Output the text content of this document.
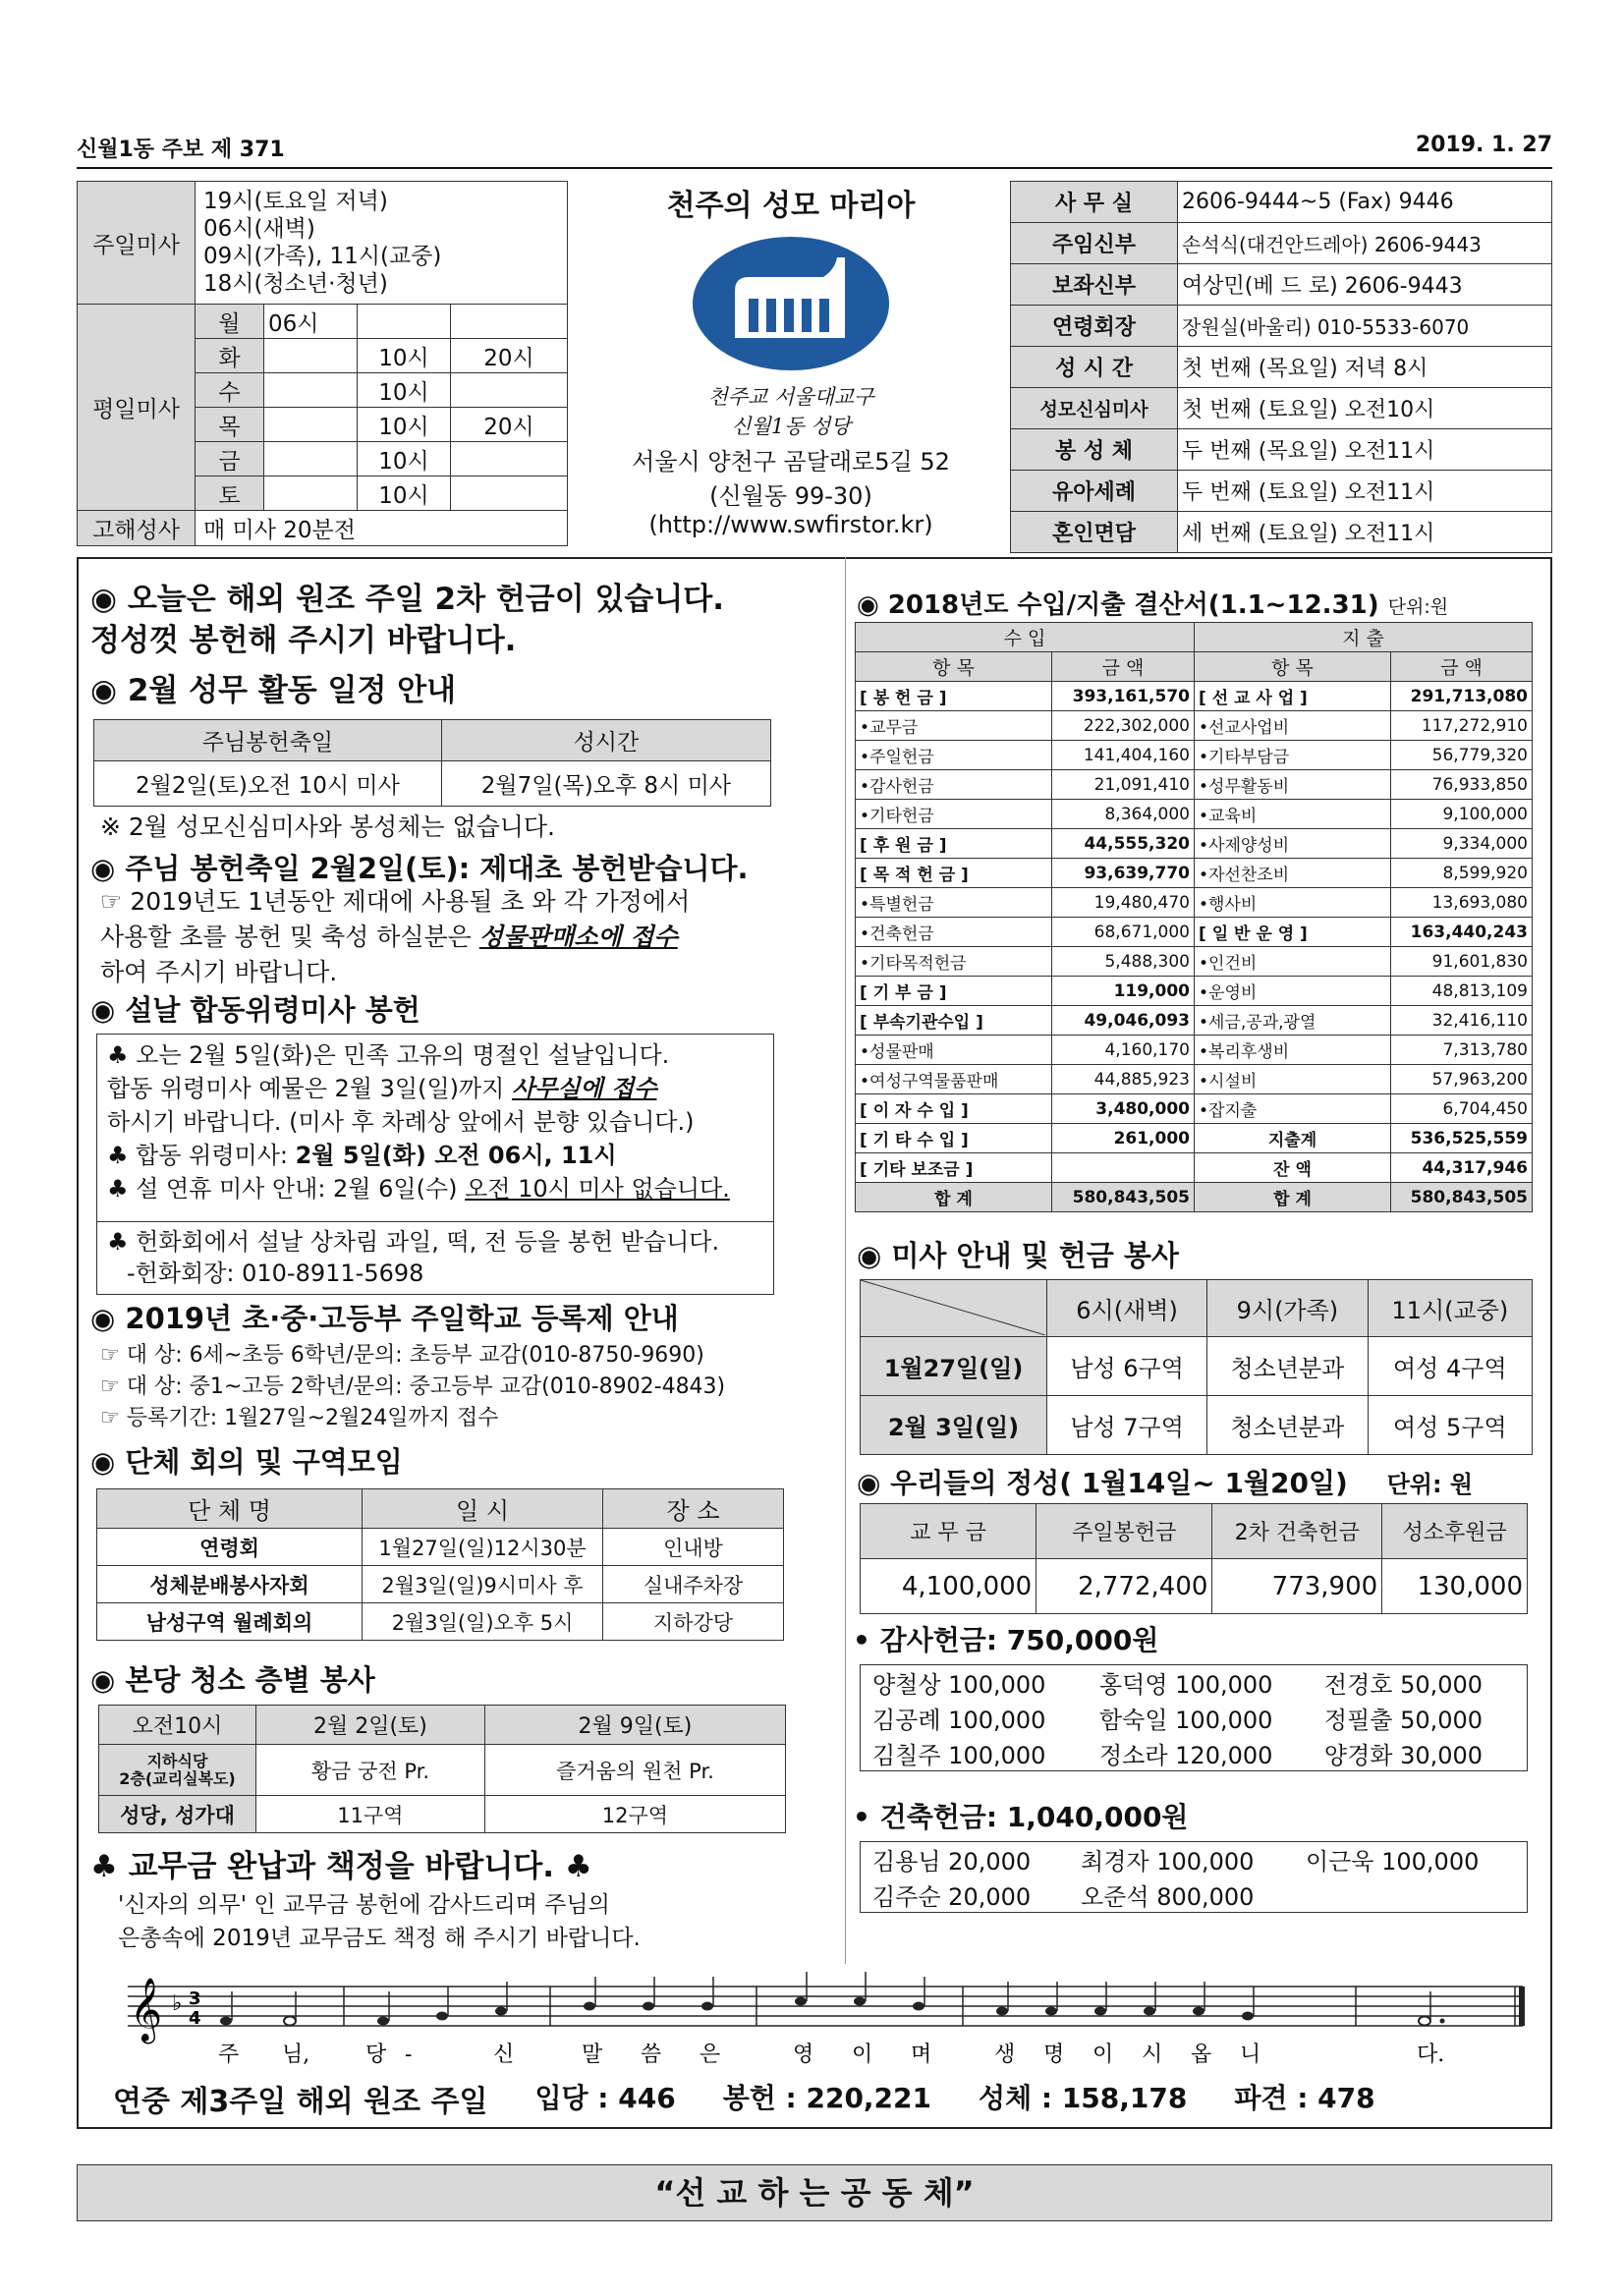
신월1동 주보 제 371	2019. 1. 27
주일미사	19시(토요일 저녁)
06시(새벽)
09시(가족), 11시(교중)
18시(청소년·청년)			

평일미사	월	06시		
	화		10시	20시
	수		10시	
	목		10시	20시
	금		10시	
	토		10시	
고해성사	매 미사 20분전			
천주의 성모 마리아
천주교 서울대교구
신월1동 성당
서울시 양천구 곰달래로5길 52
(신월동 99-30)
(http://www.swfirstor.kr)
사 무 실	2606-9444~5 (Fax) 9446
주임신부	손석식(대건안드레아) 2606-9443
보좌신부	여상민(베 드 로) 2606-9443
연령회장	장원실(바울리) 010-5533-6070
성 시 간	첫 번째 (목요일) 저녁 8시
성모신심미사	첫 번째 (토요일) 오전10시
봉 성 체	두 번째 (목요일) 오전11시
유아세례	두 번째 (토요일) 오전11시
혼인면담	세 번째 (토요일) 오전11시
◉ 오늘은 해외 원조 주일 2차 헌금이 있습니다.
정성껏 봉헌해 주시기 바랍니다.
◉ 2월 성무 활동 일정 안내
주님봉헌축일	성시간
2월2일(토)오전 10시 미사	2월7일(목)오후 8시 미사
※ 2월 성모신심미사와 봉성체는 없습니다.
◉ 주님 봉헌축일 2월2일(토): 제대초 봉헌받습니다.
☞ 2019년도 1년동안 제대에 사용될 초 와 각 가정에서
사용할 초를 봉헌 및 축성 하실분은 성물판매소에 접수
하여 주시기 바랍니다.
◉ 설날 합동위령미사 봉헌
♣ 오는 2월 5일(화)은 민족 고유의 명절인 설날입니다.
합동 위령미사 예물은 2월 3일(일)까지 사무실에 접수
하시기 바랍니다. (미사 후 차례상 앞에서 분향 있습니다.)
♣ 합동 위령미사: 2월 5일(화) 오전 06시, 11시
♣ 설 연휴 미사 안내: 2월 6일(수) 오전 10시 미사 없습니다.
♣ 헌화회에서 설날 상차림 과일, 떡, 전 등을 봉헌 받습니다.
-헌화회장: 010-8911-5698
◉ 2019년 초·중·고등부 주일학교 등록제 안내
☞ 대 상: 6세~초등 6학년/문의: 초등부 교감(010-8750-9690)
☞ 대 상: 중1~고등 2학년/문의: 중고등부 교감(010-8902-4843)
☞ 등록기간: 1월27일~2월24일까지 접수
◉ 단체 회의 및 구역모임
단 체 명	일 시	장 소
연령회	1월27일(일)12시30분	인내방
성체분배봉사자회	2월3일(일)9시미사 후	실내주차장
남성구역 월례회의	2월3일(일)오후 5시	지하강당
◉ 본당 청소 층별 봉사
오전10시	2월 2일(토)	2월 9일(토)

지하식당
2층(교리실복도)	황금 궁전 Pr.	즐거움의 원천 Pr.
성당, 성가대	11구역	12구역
♣ 교무금 완납과 책정을 바랍니다. ♣
'신자의 의무' 인 교무금 봉헌에 감사드리며 주님의
은총속에 2019년 교무금도 책정 해 주시기 바랍니다.
◉ 2018년도 수입/지출 결산서(1.1~12.31) 단위:원
수 입		지 출	
항 목	금 액	항 목	금 액
[ 봉 헌 금 ]	393,161,570	[ 선 교 사 업 ]	291,713,080
•교무금	222,302,000	•선교사업비	117,272,910
•주일헌금	141,404,160	•기타부담금	56,779,320
•감사헌금	21,091,410	•성무활동비	76,933,850
•기타헌금	8,364,000	•교육비	9,100,000
[ 후 원 금 ]	44,555,320	•사제양성비	9,334,000
[ 목 적 헌 금 ]	93,639,770	•자선찬조비	8,599,920
•특별헌금	19,480,470	•행사비	13,693,080
•건축헌금	68,671,000	[ 일 반 운 영 ]	163,440,243
•기타목적헌금	5,488,300	•인건비	91,601,830
[ 기 부 금 ]	119,000	•운영비	48,813,109
[ 부속기관수입 ]	49,046,093	•세금,공과,광열	32,416,110
•성물판매	4,160,170	•복리후생비	7,313,780
•여성구역물품판매	44,885,923	•시설비	57,963,200
[ 이 자 수 입 ]	3,480,000	•잡지출	6,704,450
[ 기 타 수 입 ]	261,000	지출계	536,525,559
[ 기타 보조금 ]		잔 액	44,317,946
합 계	580,843,505	합 계	580,843,505
◉ 미사 안내 및 헌금 봉사
	6시(새벽)	9시(가족)	11시(교중)
1월27일(일)	남성 6구역	청소년분과	여성 4구역
2월 3일(일)	남성 7구역	청소년분과	여성 5구역
◉ 우리들의 정성( 1월14일~ 1월20일) 단위: 원
교 무 금	주일봉헌금	2차 건축헌금	성소후원금
4,100,000	2,772,400	773,900	130,000
• 감사헌금: 750,000원
양철상 100,000	홍덕영 100,000	전경호 50,000
김공례 100,000	함숙일 100,000	정필출 50,000
김칠주 100,000	정소라 120,000	양경화 30,000
• 건축헌금: 1,040,000원
김용님 20,000	최경자 100,000	이근욱 100,000
김주순 20,000	오준석 800,000	
𝄞 ♭ 3
4
주 님,	당 -	신	말 씀 은	영 이 며	생 명 이 시 옵 니	다.
연중 제3주일 해외 원조 주일 입당 : 446 봉헌 : 220,221 성체 : 158,178 파견 : 478
“선 교 하 는 공 동 체”
